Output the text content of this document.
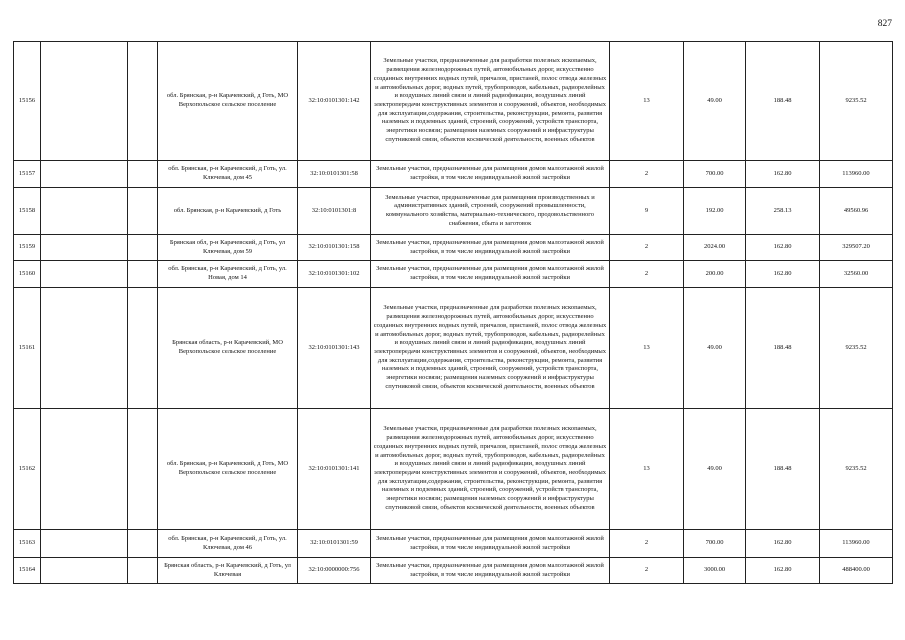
827
15156			обл. Брянская, р-н Карачевский, д Готь, МО Верхопольское сельское поселение	32:10:0101301:142	Земельные участки, предназначенные для разработки полезных ископаемых, размещения железнодорожных путей, автомобильных дорог, искусственно созданных внутренних водных путей, причалов, пристаней, полос отвода железных и автомобильных дорог, водных путей, трубопроводов, кабельных, радиорелейных и воздушных линий связи и линий радиофикации, воздушных линий электропередачи конструктивных элементов и сооружений, объектов, необходимых для эксплуатации,содержания, строительства, реконструкции, ремонта, развития наземных и подземных зданий, строений, сооружений, устройств транспорта, энергетики носвязи; размещения наземных сооружений и инфраструктуры спутниковой связи, объектов космической деятельности, военных объектов	13	49.00	188.48	9235.52
15157			обл. Брянская, р-н Карачевский, д Готь, ул. Ключевая, дом 45	32:10:0101301:58	Земельные участки, предназначенные для размещения домов малоэтажной жилой застройки, в том числе индивидуальной жилой застройки	2	700.00	162.80	113960.00
15158			обл. Брянская, р-н Карачевский, д Готь	32:10:0101301:8	Земельные участки, предназначенные для размещения производственных и административных зданий, строений, сооружений промышленности, коммунального хозяйства, материально-технического, продовольственного снабжения, сбыта и заготовок	9	192.00	258.13	49560.96
15159			Брянская обл, р-н Карачевский, д Готь, ул Ключевая, дом 59	32:10:0101301:158	Земельные участки, предназначенные для размещения домов малоэтажной жилой застройки, в том числе индивидуальной жилой застройки	2	2024.00	162.80	329507.20
15160			обл. Брянская, р-н Карачевский, д Готь, ул. Новая, дом 14	32:10:0101301:102	Земельные участки, предназначенные для размещения домов малоэтажной жилой застройки, в том числе индивидуальной жилой застройки	2	200.00	162.80	32560.00
15161			Брянская область, р-н Карачевский, МО Верхопольское сельское поселение	32:10:0101301:143	Земельные участки, предназначенные для разработки полезных ископаемых, размещения железнодорожных путей, автомобильных дорог, искусственно созданных внутренних водных путей, причалов, пристаней, полос отвода железных и автомобильных дорог, водных путей, трубопроводов, кабельных, радиорелейных и воздушных линий связи и линий радиофикации, воздушных линий электропередачи конструктивных элементов и сооружений, объектов, необходимых для эксплуатации,содержания, строительства, реконструкции, ремонта, развития наземных и подземных зданий, строений, сооружений, устройств транспорта, энергетики носвязи; размещения наземных сооружений и инфраструктуры спутниковой связи, объектов космической деятельности, военных объектов	13	49.00	188.48	9235.52
15162			обл. Брянская, р-н Карачевский, д Готь, МО Верхопольское сельское поселение	32:10:0101301:141	Земельные участки, предназначенные для разработки полезных ископаемых, размещения железнодорожных путей, автомобильных дорог, искусственно созданных внутренних водных путей, причалов, пристаней, полос отвода железных и автомобильных дорог, водных путей, трубопроводов, кабельных, радиорелейных и воздушных линий связи и линий радиофикации, воздушных линий электропередачи конструктивных элементов и сооружений, объектов, необходимых для эксплуатации,содержания, строительства, реконструкции, ремонта, развития наземных и подземных зданий, строений, сооружений, устройств транспорта, энергетики носвязи; размещения наземных сооружений и инфраструктуры спутниковой связи, объектов космической деятельности, военных объектов	13	49.00	188.48	9235.52
15163			обл. Брянская, р-н Карачевский, д Готь, ул. Ключевая, дом 46	32:10:0101301:59	Земельные участки, предназначенные для размещения домов малоэтажной жилой застройки, в том числе индивидуальной жилой застройки	2	700.00	162.80	113960.00
15164			Брянская область, р-н Карачевский, д Готь, ул Ключевая	32:10:0000000:756	Земельные участки, предназначенные для размещения домов малоэтажной жилой застройки, в том числе индивидуальной жилой застройки	2	3000.00	162.80	488400.00
